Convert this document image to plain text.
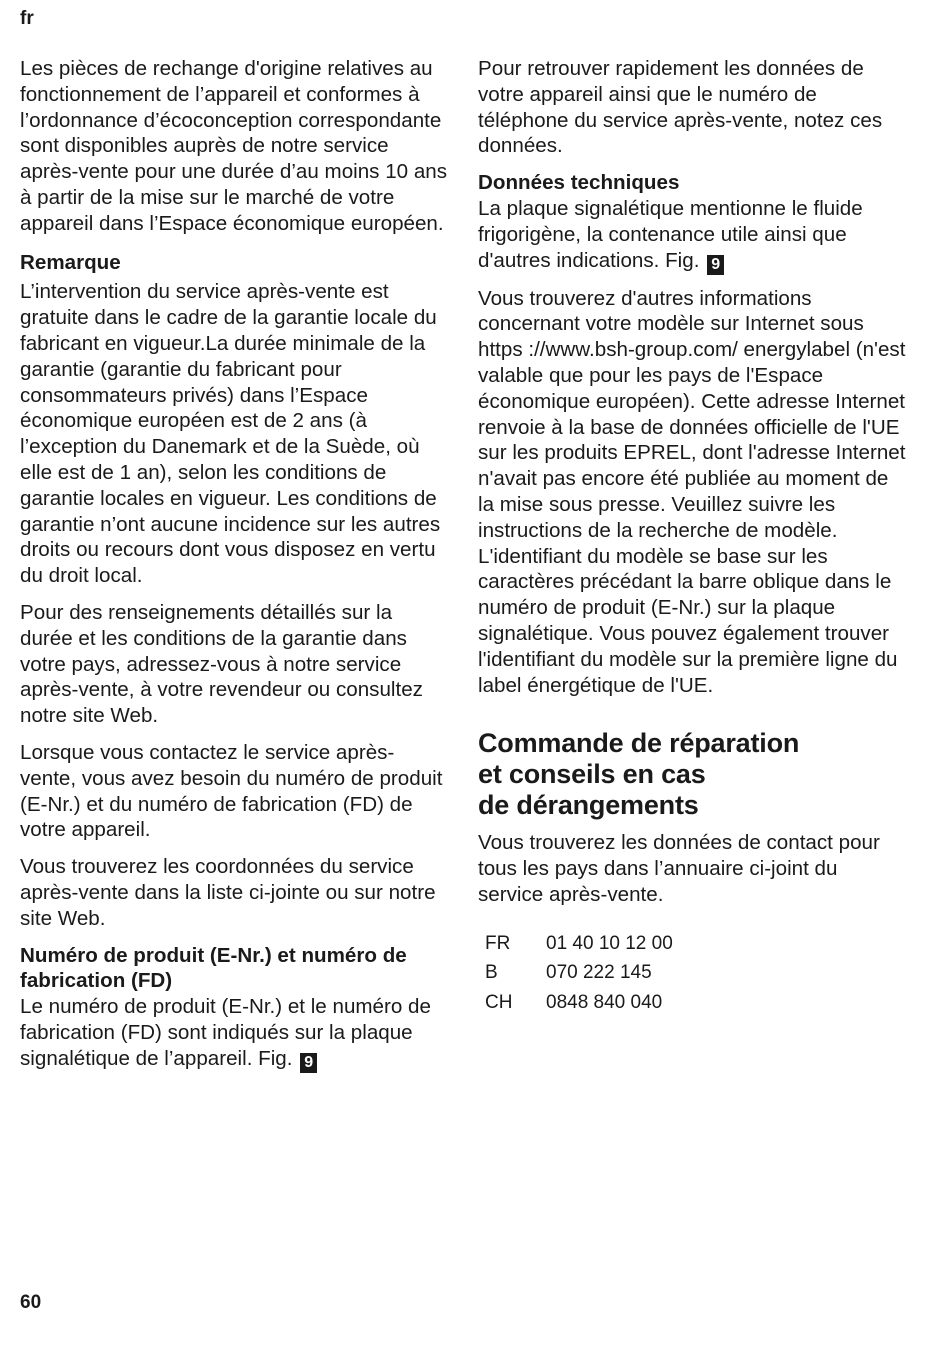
fr

Les pièces de rechange d'origine relatives au fonctionnement de l’appareil et conformes à l’ordonnance d’écoconception correspondante sont disponibles auprès de notre service après-vente pour une durée d’au moins 10 ans à partir de la mise sur le marché de votre appareil dans l’Espace économique européen.

Remarque

L’intervention du service après-vente est gratuite dans le cadre de la garantie locale du fabricant en vigueur.La durée minimale de la garantie (garantie du fabricant pour consommateurs privés) dans l’Espace économique européen est de 2 ans (à l’exception du Danemark et de la Suède, où elle est de 1 an), selon les conditions de garantie locales en vigueur. Les conditions de garantie n’ont aucune incidence sur les autres droits ou recours dont vous disposez en vertu du droit local.

Pour des renseignements détaillés sur la durée et les conditions de la garantie dans votre pays, adressez-vous à notre service après-vente, à votre revendeur ou consultez notre site Web.

Lorsque vous contactez le service après-vente, vous avez besoin du numéro de produit (E-Nr.) et du numéro de fabrication (FD) de votre appareil.

Vous trouverez les coordonnées du service après-vente dans la liste ci-jointe ou sur notre site Web.

Numéro de produit (E-Nr.) et numéro de fabrication (FD)

Le numéro de produit (E-Nr.) et le numéro de fabrication (FD) sont indiqués sur la plaque signalétique de l’appareil. Fig. 9

Pour retrouver rapidement les données de votre appareil ainsi que le numéro de téléphone du service après-vente, notez ces données.

Données techniques

La plaque signalétique mentionne le fluide frigorigène, la contenance utile ainsi que d'autres indications. Fig. 9

Vous trouverez d'autres informations concernant votre modèle sur Internet sous https ://www.bsh-group.com/ energylabel (n'est valable que pour les pays de l'Espace économique européen). Cette adresse Internet renvoie à la base de données officielle de l'UE sur les produits EPREL, dont l'adresse Internet n'avait pas encore été publiée au moment de la mise sous presse. Veuillez suivre les instructions de la recherche de modèle. L'identifiant du modèle se base sur les caractères précédant la barre oblique dans le numéro de produit (E-Nr.) sur la plaque signalétique. Vous pouvez également trouver l'identifiant du modèle sur la première ligne du label énergétique de l'UE.

Commande de réparation
et conseils en cas
de dérangements

Vous trouverez les données de contact pour tous les pays dans l’annuaire ci-joint du service après-vente.

FR	01 40 10 12 00
B	070 222 145
CH	0848 840 040
60
